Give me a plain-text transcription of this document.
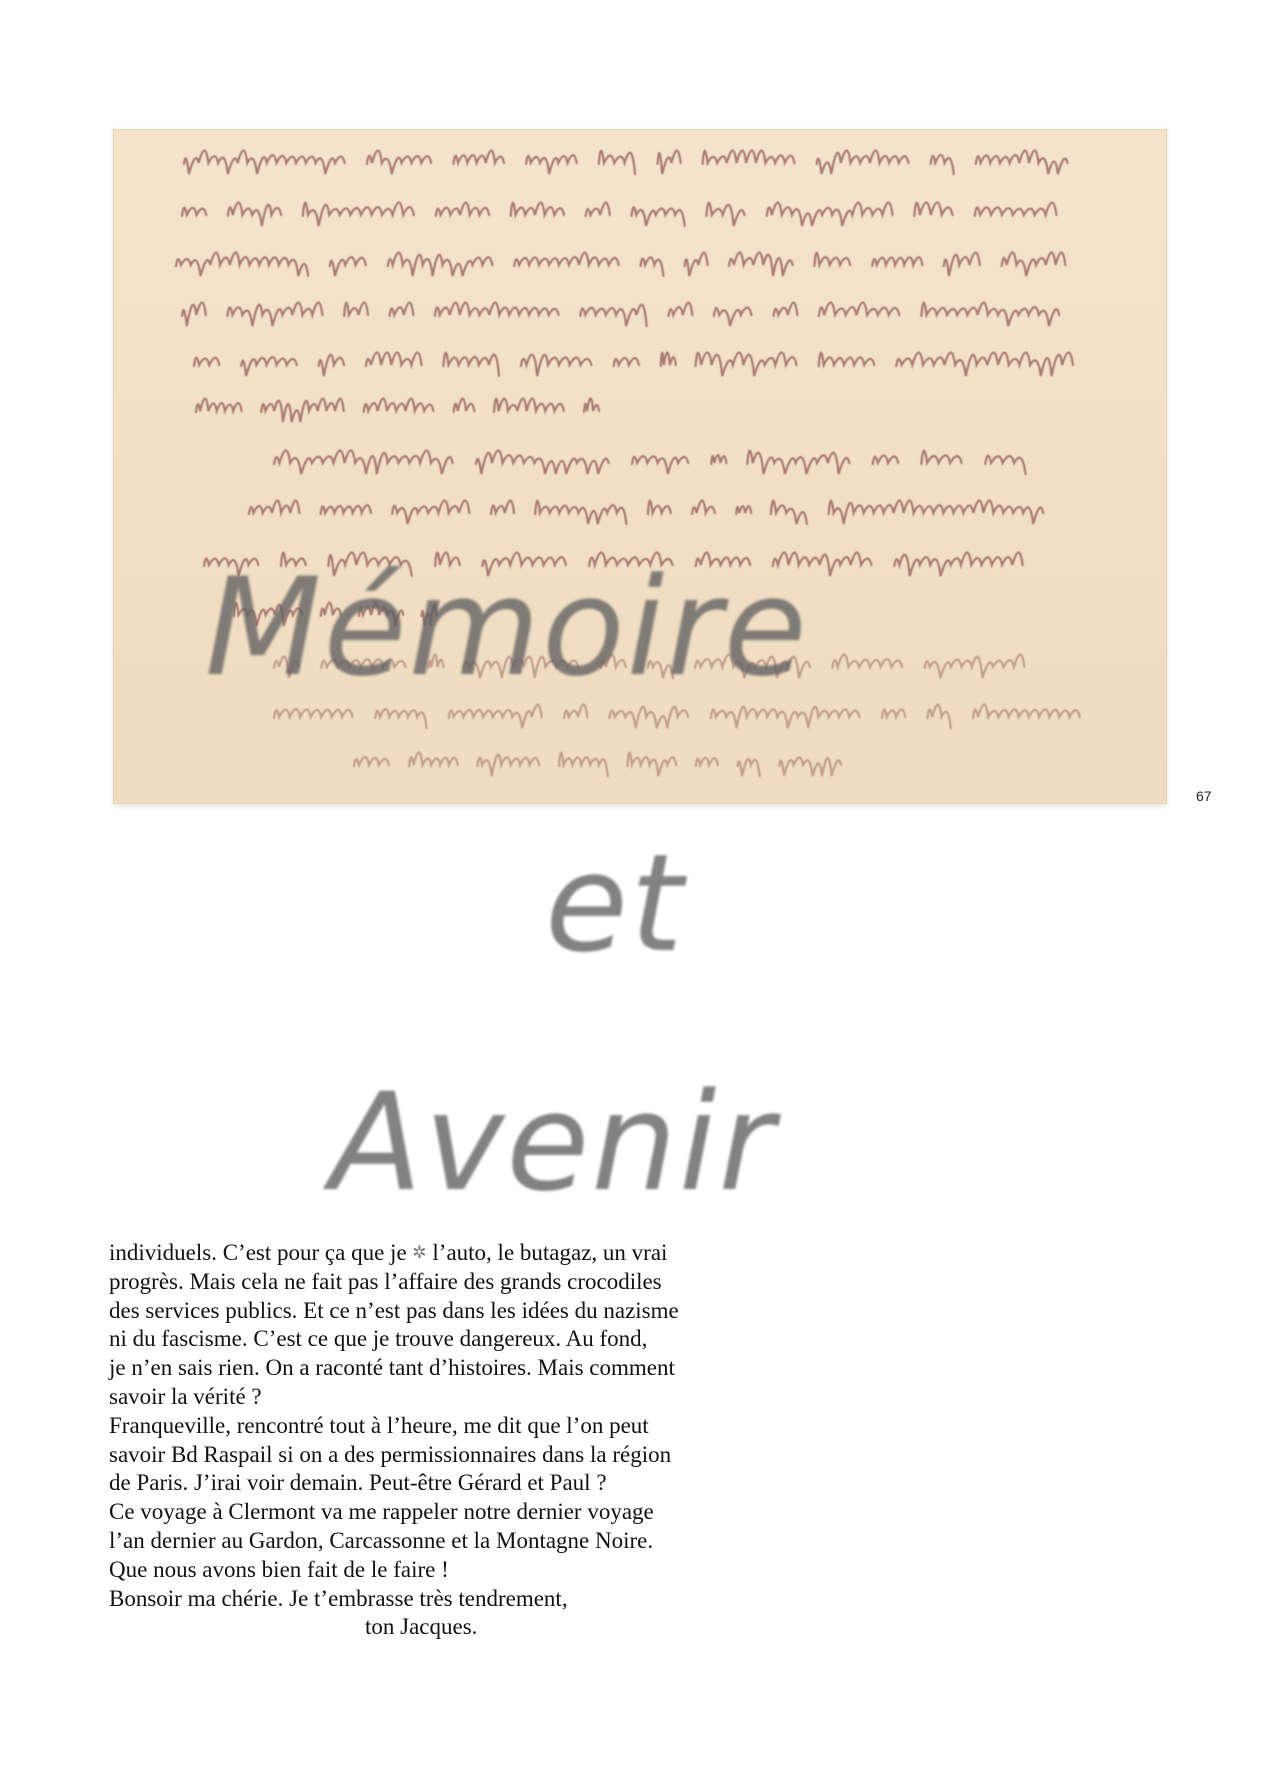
67
Mémoire
et
Avenir
individuels. C’est pour ça que je ✲ l’auto, le butagaz, un vrai
progrès. Mais cela ne fait pas l’affaire des grands crocodiles
des services publics. Et ce n’est pas dans les idées du nazisme
ni du fascisme. C’est ce que je trouve dangereux. Au fond,
je n’en sais rien. On a raconté tant d’histoires. Mais comment
savoir la vérité ?
Franqueville, rencontré tout à l’heure, me dit que l’on peut
savoir Bd Raspail si on a des permissionnaires dans la région
de Paris. J’irai voir demain. Peut-être Gérard et Paul ?
Ce voyage à Clermont va me rappeler notre dernier voyage
l’an dernier au Gardon, Carcassonne et la Montagne Noire.
Que nous avons bien fait de le faire !
Bonsoir ma chérie. Je t’embrasse très tendrement,
ton Jacques.
